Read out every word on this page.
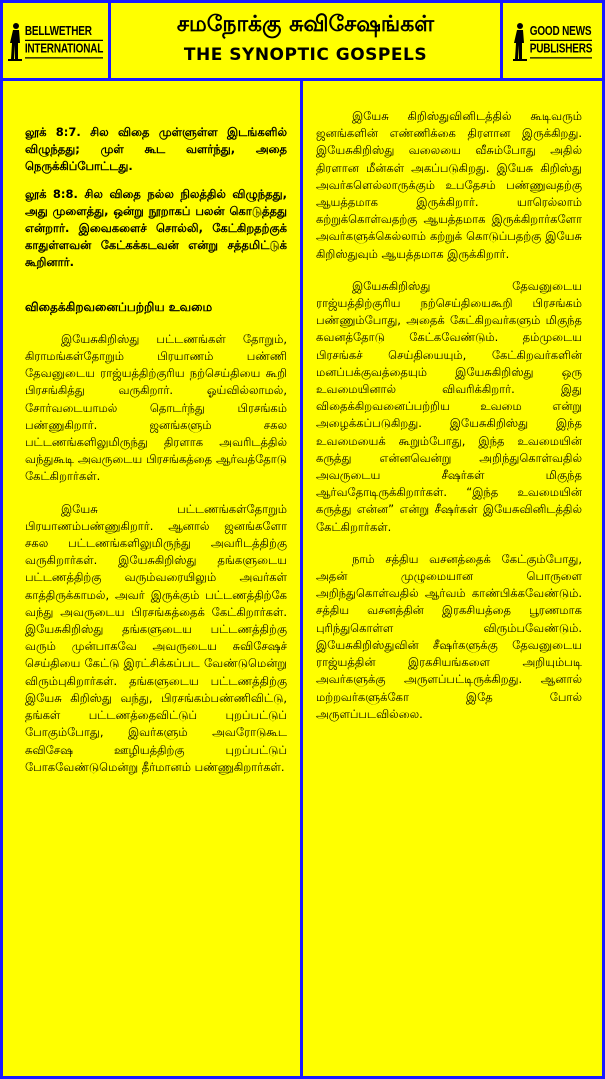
BELLWETHER
INTERNATIONAL
சமநோக்கு சுவிசேஷங்கள்
THE SYNOPTIC GOSPELS
GOOD NEWS
PUBLISHERS

லூக் 8:7. சில விதை முள்ளுள்ள இடங்களில் விழுந்தது; முள் கூட வளர்ந்து, அதை நெருக்கிப்போட்டது.

லூக் 8:8. சில விதை நல்ல நிலத்தில் விழுந்தது, அது முளைத்து, ஒன்று நூறாகப் பலன் கொடுத்தது என்றார். இவைகளைச் சொல்லி, கேட்கிறதற்குக் காதுள்ளவன் கேட்கக்கடவன் என்று சத்தமிட்டுக் கூறினார்.

விதைக்கிறவனைப்பற்றிய உவமை

இயேசுகிறிஸ்து பட்டணங்கள் தோறும், கிராமங்கள்தோறும் பிரயாணம் பண்ணி தேவனுடைய ராஜ்யத்திற்குரிய நற்செய்தியை கூறி பிரசங்கித்து வருகிறார். ஓய்வில்லாமல், சோர்வடையாமல் தொடர்ந்து பிரசங்கம் பண்ணுகிறார். ஜனங்களும் சகல பட்டணங்களிலுமிருந்து திரளாக அவரிடத்தில் வந்துகூடி அவருடைய பிரசங்கத்தை ஆர்வத்தோடு கேட்கிறார்கள்.

இயேசு பட்டணங்கள்தோறும் பிரயாணம்பண்ணுகிறார். ஆனால் ஜனங்களோ சகல பட்டணங்களிலுமிருந்து அவரிடத்திற்கு வருகிறார்கள். இயேசுகிறிஸ்து தங்களுடைய பட்டணத்திற்கு வரும்வரையிலும் அவர்கள் காத்திருக்காமல், அவர் இருக்கும் பட்டணத்திற்கே வந்து அவருடைய பிரசங்கத்தைக் கேட்கிறார்கள். இயேசுகிறிஸ்து தங்களுடைய பட்டணத்திற்கு வரும் முன்பாகவே அவருடைய சுவிசேஷச் செய்தியை கேட்டு இரட்சிக்கப்பட வேண்டுமென்று விரும்புகிறார்கள். தங்களுடைய பட்டணத்திற்கு இயேசு கிறிஸ்து வந்து, பிரசங்கம்பண்ணிவிட்டு, தங்கள் பட்டணத்தைவிட்டுப் புறப்பட்டுப் போகும்போது, இவர்களும் அவரோடுகூட சுவிசேஷ ஊழியத்திற்கு புறப்பட்டுப் போகவேண்டுமென்று தீர்மானம் பண்ணுகிறார்கள்.

இயேசு கிறிஸ்துவினிடத்தில் கூடிவரும் ஜனங்களின் எண்ணிக்கை திரளான இருக்கிறது. இயேசுகிறிஸ்து வலையை வீசும்போது அதில் திரளான மீன்கள் அகப்படுகிறது. இயேசு கிறிஸ்து அவர்களெல்லாருக்கும் உபதேசம் பண்ணுவதற்கு ஆயத்தமாக இருக்கிறார். யாரெல்லாம் கற்றுக்கொள்வதற்கு ஆயத்தமாக இருக்கிறார்களோ அவர்களுக்கெல்லாம் கற்றுக் கொடுப்பதற்கு இயேசு கிறிஸ்துவும் ஆயத்தமாக இருக்கிறார்.

இயேசுகிறிஸ்து தேவனுடைய ராஜ்யத்திற்குரிய நற்செய்தியைகூறி பிரசங்கம் பண்ணும்போது, அதைக் கேட்கிறவர்களும் மிகுந்த கவனத்தோடு கேட்கவேண்டும். தம்முடைய பிரசங்கச் செய்தியையும், கேட்கிறவர்களின் மனப்பக்குவத்தையும் இயேசுகிறிஸ்து ஒரு உவமையினால் விவரிக்கிறார். இது விதைக்கிறவனைப்பற்றிய உவமை என்று அழைக்கப்படுகிறது. இயேசுகிறிஸ்து இந்த உவமையைக் கூறும்போது, இந்த உவமையின் கருத்து என்னவென்று அறிந்துகொள்வதில் அவருடைய சீஷர்கள் மிகுந்த ஆர்வதோடிருக்கிறார்கள். “இந்த உவமையின் கருத்து என்ன” என்று சீஷர்கள் இயேசுவினிடத்தில் கேட்கிறார்கள்.

நாம் சத்திய வசனத்தைக் கேட்கும்போது, அதன் முழுமையான பொருளை அறிந்துகொள்வதில் ஆர்வம் காண்பிக்கவேண்டும். சத்திய வசனத்தின் இரகசியத்தை பூரணமாக புரிந்துகொள்ள விரும்பவேண்டும். இயேசுகிறிஸ்துவின் சீஷர்களுக்கு தேவனுடைய ராஜ்யத்தின் இரகசியங்களை அறியும்படி அவர்களுக்கு அருளப்பட்டிருக்கிறது. ஆனால் மற்றவர்களுக்கோ இதே போல் அருளப்படவில்லை.
